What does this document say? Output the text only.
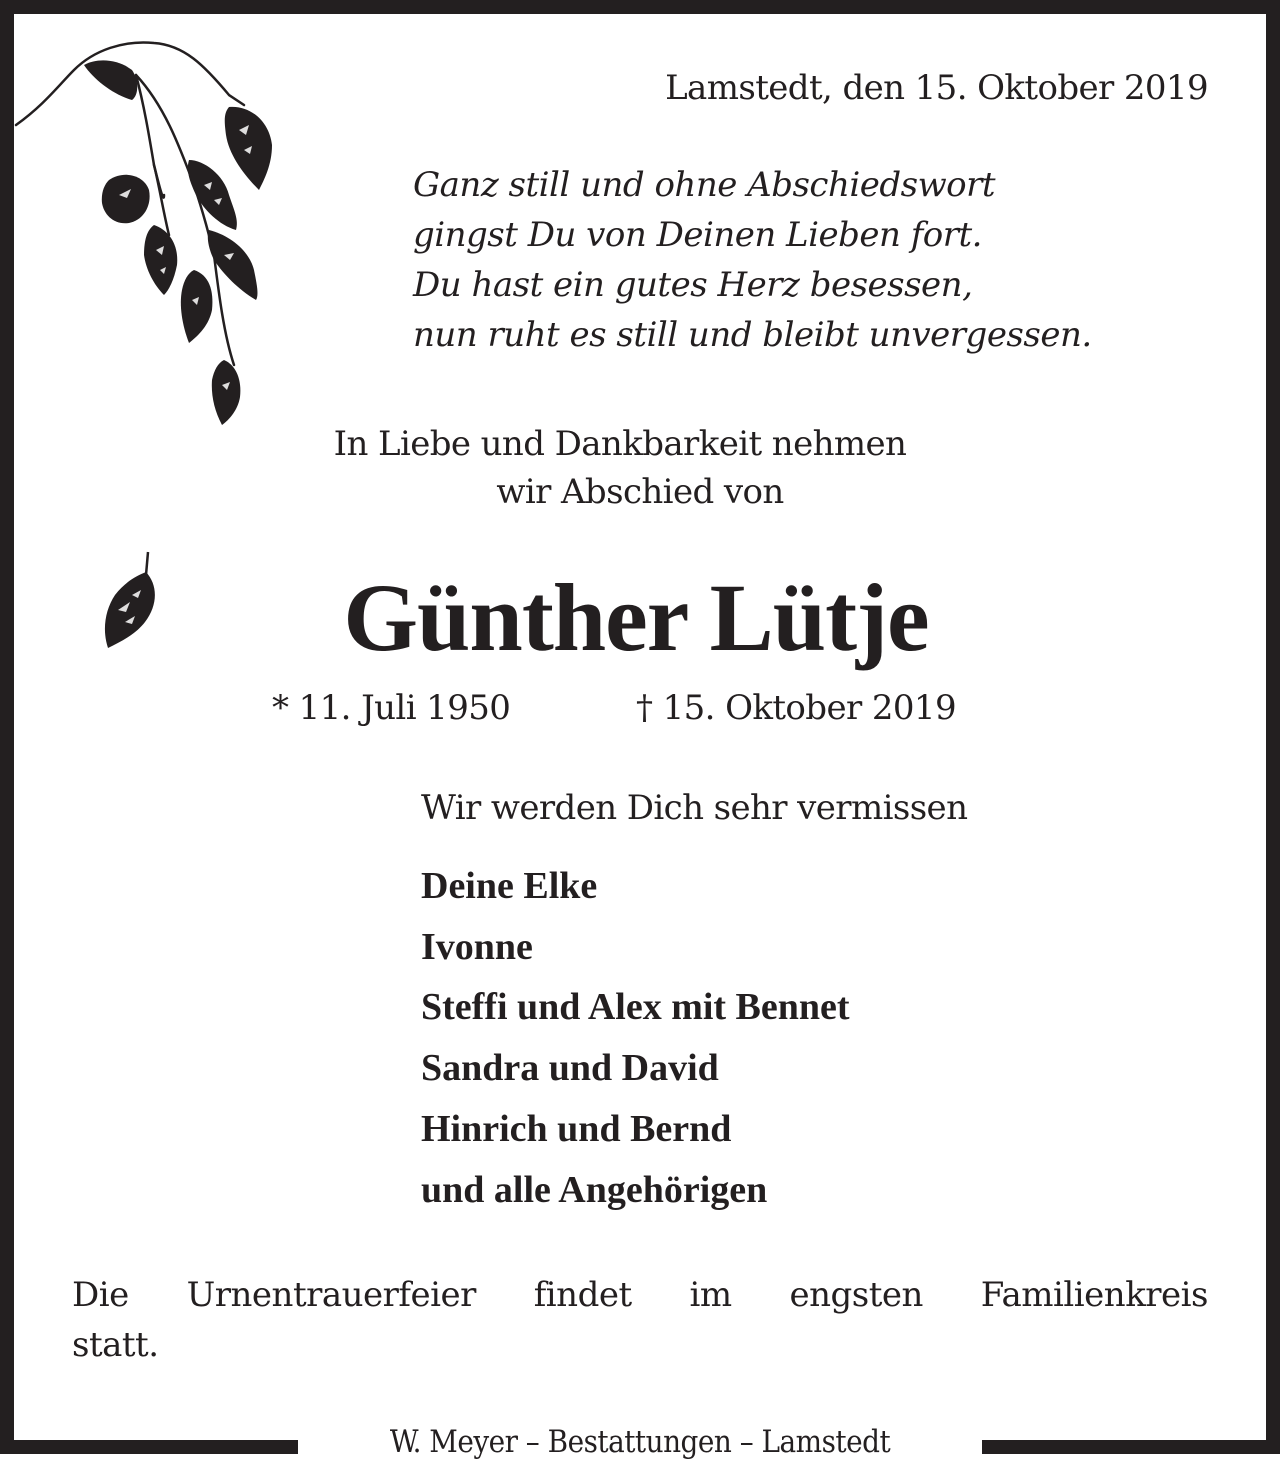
Lamstedt, den 15. Oktober 2019
Ganz still und ohne Abschiedswort
gingst Du von Deinen Lieben fort.
Du hast ein gutes Herz besessen,
nun ruht es still und bleibt unvergessen.
In Liebe und Dankbarkeit nehmen
wir Abschied von
Günther Lütje
* 11. Juli 1950	† 15. Oktober 2019
Wir werden Dich sehr vermissen
Deine Elke
Ivonne
Steffi und Alex mit Bennet
Sandra und David
Hinrich und Bernd
und alle Angehörigen
Die Urnentrauerfeier findet im engsten Familienkreis
statt.
W. Meyer – Bestattungen – Lamstedt
